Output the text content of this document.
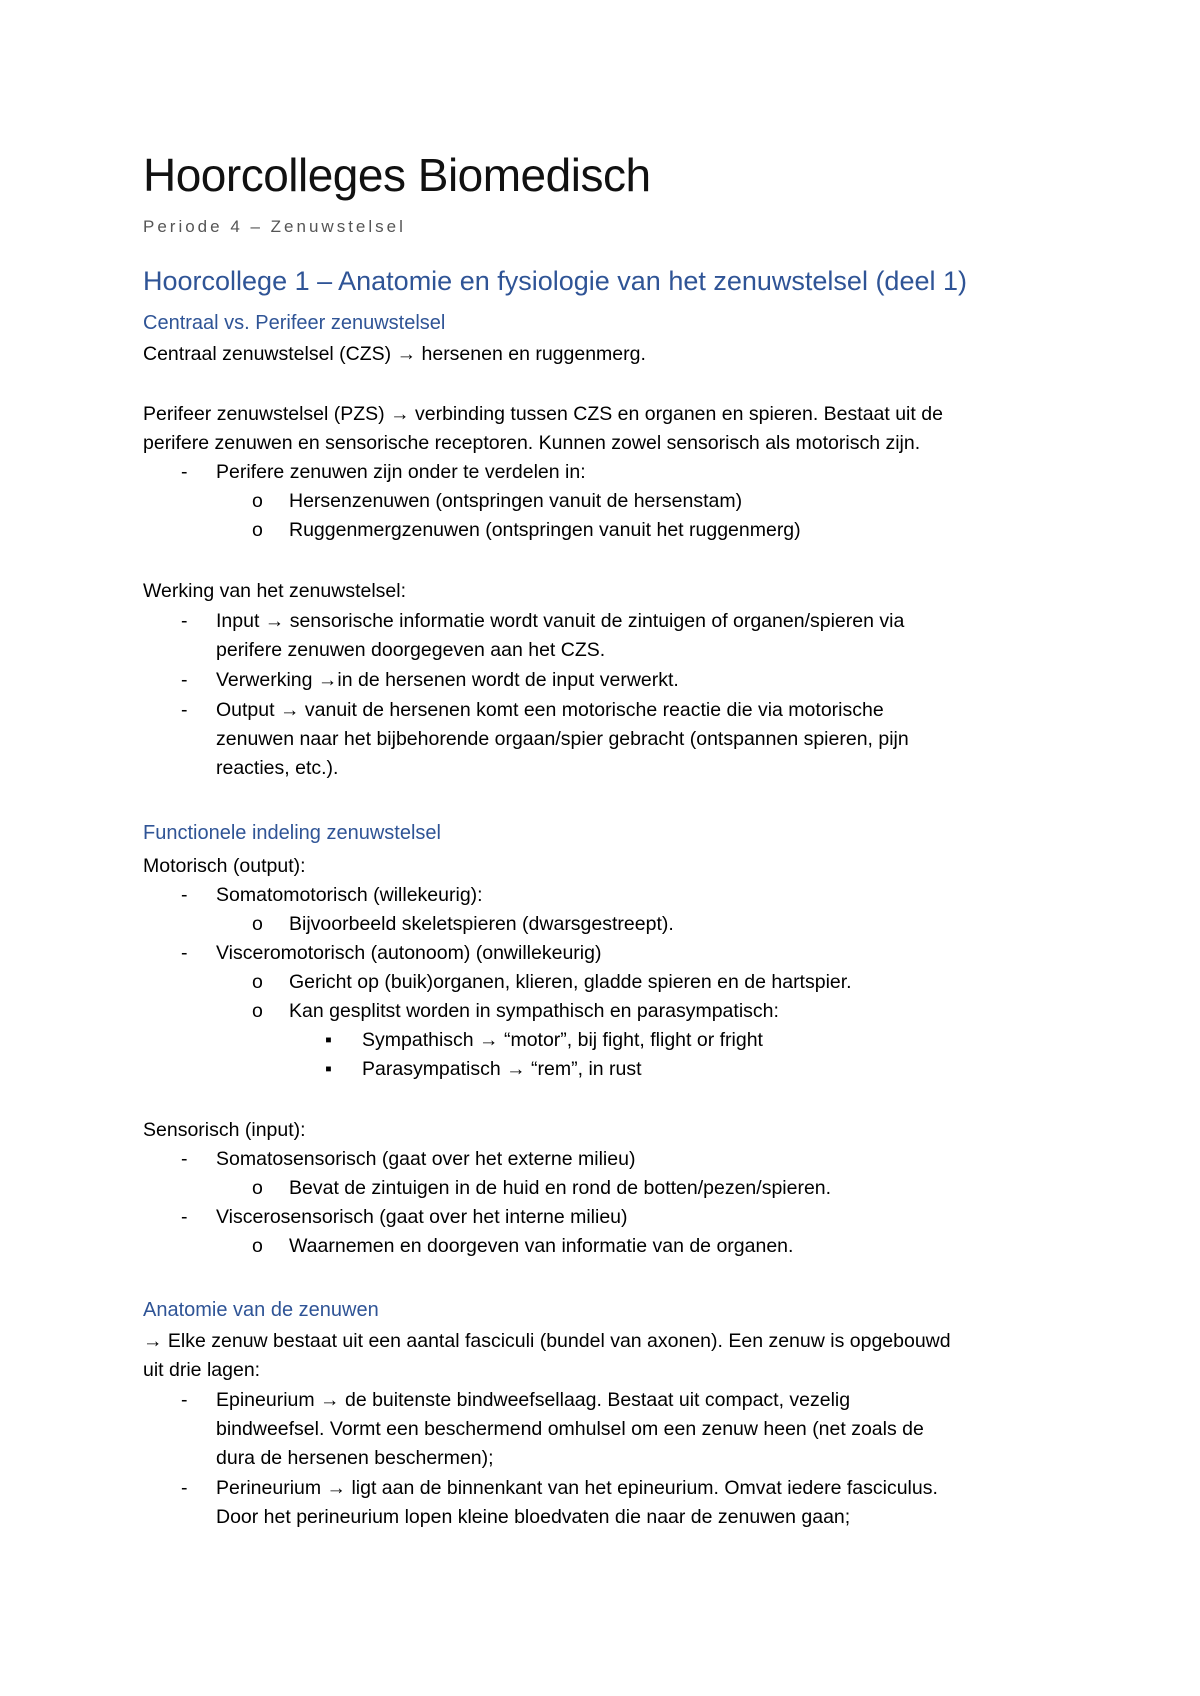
Hoorcolleges Biomedisch
Periode 4 – Zenuwstelsel
Hoorcollege 1 – Anatomie en fysiologie van het zenuwstelsel (deel 1)
Centraal vs. Perifeer zenuwstelsel
Centraal zenuwstelsel (CZS) → hersenen en ruggenmerg.
Perifeer zenuwstelsel (PZS) → verbinding tussen CZS en organen en spieren. Bestaat uit de
perifere zenuwen en sensorische receptoren. Kunnen zowel sensorisch als motorisch zijn.
- Perifere zenuwen zijn onder te verdelen in:
o Hersenzenuwen (ontspringen vanuit de hersenstam)
o Ruggenmergzenuwen (ontspringen vanuit het ruggenmerg)
Werking van het zenuwstelsel:
- Input → sensorische informatie wordt vanuit de zintuigen of organen/spieren via
perifere zenuwen doorgegeven aan het CZS.
- Verwerking →in de hersenen wordt de input verwerkt.
- Output → vanuit de hersenen komt een motorische reactie die via motorische
zenuwen naar het bijbehorende orgaan/spier gebracht (ontspannen spieren, pijn
reacties, etc.).
Functionele indeling zenuwstelsel
Motorisch (output):
- Somatomotorisch (willekeurig):
o Bijvoorbeeld skeletspieren (dwarsgestreept).
- Visceromotorisch (autonoom) (onwillekeurig)
o Gericht op (buik)organen, klieren, gladde spieren en de hartspier.
o Kan gesplitst worden in sympathisch en parasympatisch:
▪ Sympathisch → “motor”, bij fight, flight or fright
▪ Parasympatisch → “rem”, in rust
Sensorisch (input):
- Somatosensorisch (gaat over het externe milieu)
o Bevat de zintuigen in de huid en rond de botten/pezen/spieren.
- Viscerosensorisch (gaat over het interne milieu)
o Waarnemen en doorgeven van informatie van de organen.
Anatomie van de zenuwen
→ Elke zenuw bestaat uit een aantal fasciculi (bundel van axonen). Een zenuw is opgebouwd
uit drie lagen:
- Epineurium → de buitenste bindweefsellaag. Bestaat uit compact, vezelig
bindweefsel. Vormt een beschermend omhulsel om een zenuw heen (net zoals de
dura de hersenen beschermen);
- Perineurium → ligt aan de binnenkant van het epineurium. Omvat iedere fasciculus.
Door het perineurium lopen kleine bloedvaten die naar de zenuwen gaan;
